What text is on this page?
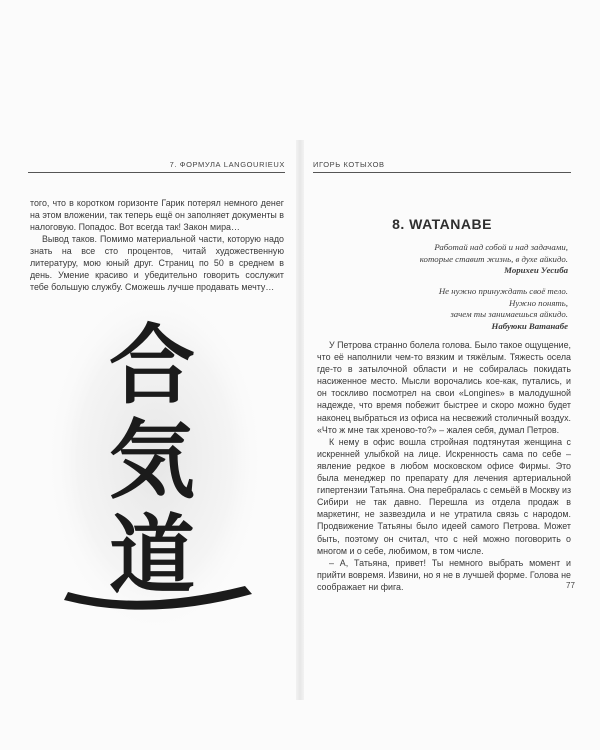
7. ФОРМУЛА LANGOURIEUX

того, что в коротком горизонте Гарик потерял немного денег на этом вложении, так теперь ещё он заполняет документы в налоговую. Попадос. Вот всегда так! Закон мира…

Вывод таков. Помимо материальной части, которую надо знать на все сто процентов, читай художественную литературу, мою юный друг. Страниц по 50 в среднем в день. Умение красиво и убедительно говорить сослужит тебе большую службу. Сможешь лучше продавать мечту…

合
気
道
ИГОРЬ КОТЫХОВ
8. WATANABE
Работай над собой и над задачами,
которые ставит жизнь, в духе айкидо.
Морихеи Уесиба
Не нужно принуждать своё тело.
Нужно понять,
зачем ты занимаешься айкидо.
Набуюки Ватанабе

У Петрова странно болела голова. Было такое ощущение, что её наполнили чем-то вязким и тяжёлым. Тяжесть осела где-то в затылочной области и не собиралась покидать насиженное место. Мысли ворочались кое-как, путались, и он тоскливо посмотрел на свои «Longines» в малодушной надежде, что время побежит быстрее и скоро можно будет наконец выбраться из офиса на несвежий столичный воздух. «Что ж мне так хреново-то?» – жалея себя, думал Петров.

К нему в офис вошла стройная подтянутая женщина с искренней улыбкой на лице. Искренность сама по себе – явление редкое в любом московском офисе Фирмы. Это была менеджер по препарату для лечения артериальной гипертензии Татьяна. Она перебралась с семьёй в Москву из Сибири не так давно. Перешла из отдела продаж в маркетинг, не зазвездила и не утратила связь с народом. Продвижение Татьяны было идеей самого Петрова. Может быть, поэтому он считал, что с ней можно поговорить о многом и о себе, любимом, в том числе.

– А, Татьяна, привет! Ты немного выбрать момент и прийти вовремя. Извини, но я не в лучшей форме. Голова не соображает ни фига.	77
